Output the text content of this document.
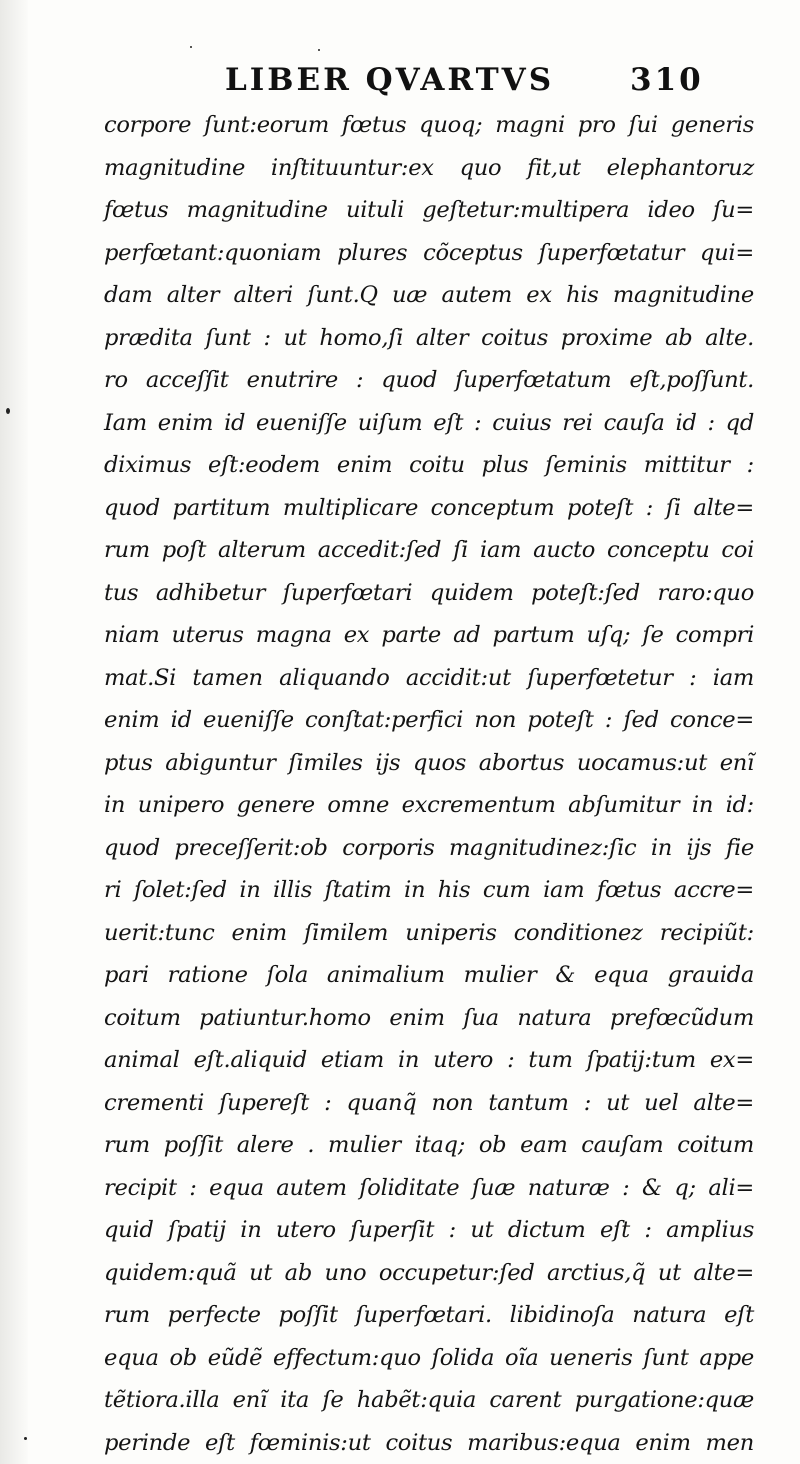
LIBER QVARTVS 310
corpore ſunt:eorum fœtus quoq; magni pro ſui generis
magnitudine inſtituuntur:ex quo fit,ut elephantoruz
fœtus magnitudine uituli geſtetur:multipera ideo ſu=
perfœtant:quoniam plures cõceptus ſuperfœtatur qui=
dam alter alteri ſunt.Q uæ autem ex his magnitudine
prædita ſunt : ut homo,ſi alter coitus proxime ab alte.
ro acceſſit enutrire : quod ſuperfœtatum eſt,poſſunt.
Iam enim id eueniſſe uiſum eſt : cuius rei cauſa id : qd
diximus eſt:eodem enim coitu plus ſeminis mittitur :
quod partitum multiplicare conceptum poteſt : ſi alte=
rum poſt alterum accedit:ſed ſi iam aucto conceptu coi
tus adhibetur ſuperfœtari quidem poteſt:ſed raro:quo
niam uterus magna ex parte ad partum uſq; ſe compri
mat.Si tamen aliquando accidit:ut ſuperfœtetur : iam
enim id eueniſſe conſtat:perfici non poteſt : ſed conce=
ptus abiguntur ſimiles ijs quos abortus uocamus:ut enĩ
in unipero genere omne excrementum abſumitur in id:
quod preceſſerit:ob corporis magnitudinez:ſic in ijs fie
ri ſolet:ſed in illis ſtatim in his cum iam fœtus accre=
uerit:tunc enim ſimilem uniperis conditionez recipiũt:
pari ratione ſola animalium mulier & equa grauida
coitum patiuntur.homo enim ſua natura prefœcũdum
animal eſt.aliquid etiam in utero : tum ſpatij:tum ex=
crementi ſupereſt : quanq̃ non tantum : ut uel alte=
rum poſſit alere . mulier itaq; ob eam cauſam coitum
recipit : equa autem ſoliditate ſuæ naturæ : & q; ali=
quid ſpatij in utero ſuperſit : ut dictum eſt : amplius
quidem:quã ut ab uno occupetur:ſed arctius,q̃ ut alte=
rum perfecte poſſit ſuperfœtari. libidinoſa natura eſt
equa ob eũdẽ effectum:quo ſolida oĩa ueneris ſunt appe
tẽtiora.illa enĩ ita ſe habẽt:quia carent purgatione:quæ
perinde eſt fœminis:ut coitus maribus:equa enim men
